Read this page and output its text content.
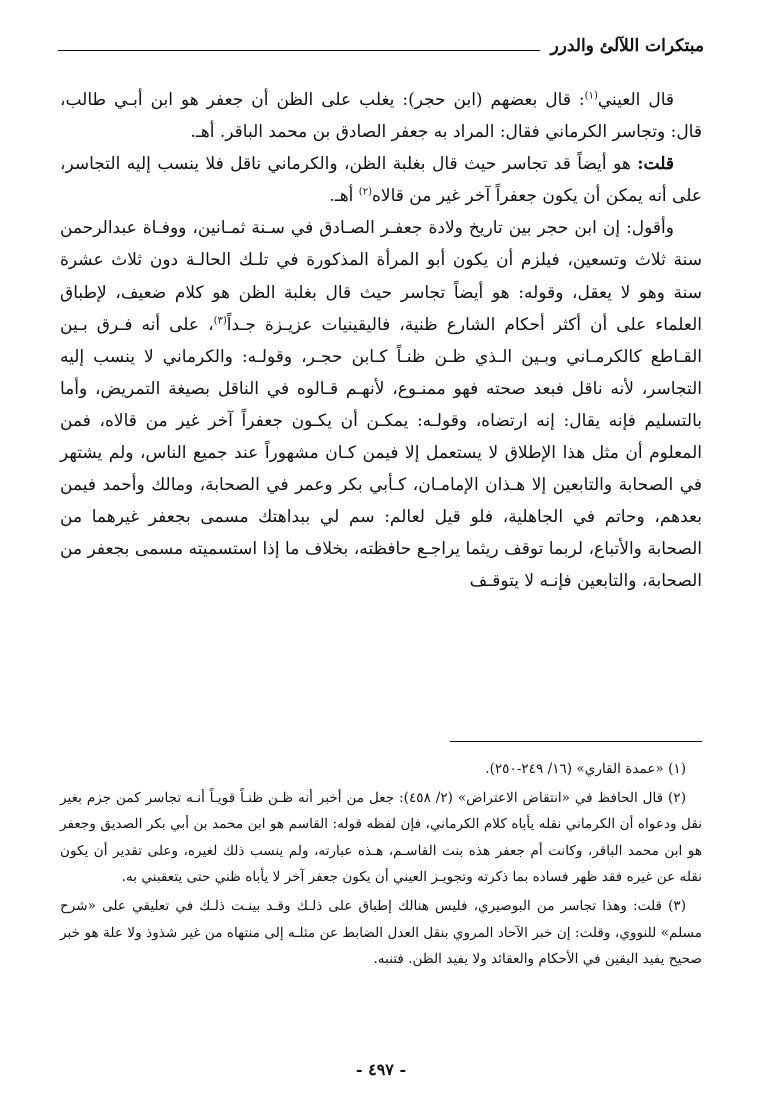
مبتكرات اللآلئ والدرر

قال العيني$^{(١)}$: قال بعضهم (ابن حجر): يغلب على الظن أن جعفر هو ابن أبـي طالب، قال: وتجاسر الكرماني فقال: المراد به جعفر الصادق بن محمد الباقر. أهـ.

قلت: هو أيضاً قد تجاسر حيث قال بغلبة الظن، والكرماني ناقل فلا ينسب إليه التجاسر، على أنه يمكن أن يكون جعفراً آخر غير من قالاه$^{(٢)}$ أهـ.

وأقول: إن ابن حجر بين تاريخ ولادة جعفـر الصـادق في سـنة ثمـانين، ووفـاة عبدالرحمن سنة ثلاث وتسعين، فيلزم أن يكون أبو المرأة المذكورة في تلـك الحالـة دون ثلاث عشرة سنة وهو لا يعقل، وقوله: هو أيضاً تجاسر حيث قال بغلبة الظن هو كلام ضعيف، لإطباق العلماء على أن أكثر أحكام الشارع ظنية، فاليقينيات عزيـزة جـداً$^{(٣)}$، على أنه فـرق بـين القـاطع كالكرمـاني وبـين الـذي ظـن ظنـاً كـابن حجـر، وقولـه: والكرماني لا ينسب إليه التجاسر، لأنه ناقل فبعد صحته فهو ممنـوع، لأنهـم قـالوه في الناقل بصيغة التمريض، وأما بالتسليم فإنه يقال: إنه ارتضاه، وقولـه: يمكـن أن يكـون جعفراً آخر غير من قالاه، فمن المعلوم أن مثل هذا الإطلاق لا يستعمل إلا فيمن كـان مشهوراً عند جميع الناس، ولم يشتهر في الصحابة والتابعين إلا هـذان الإمامـان، كـأبي بكر وعمر في الصحابة، ومالك وأحمد فيمن بعدهم، وحاتم في الجاهلية، فلو قيل لعالم: سم لي ببداهتك مسمى بجعفر غيرهما من الصحابة والأتباع، لربما توقف ريثما يراجـع حافظته، بخلاف ما إذا استسميته مسمى بجعفر من الصحابة، والتابعين فإنـه لا يتوقـف

(١) «عمدة القاري» (١٦/ ٢٤٩-٢٥٠).

(٢) قال الحافظ في «انتقاض الاعتراض» (٢/ ٤٥٨): جعل من أخبر أنه ظـن ظنـاً قويـاً أنـه تجاسر كمن جزم بغير نقل ودعواه أن الكرماني نقله يأباه كلام الكرماني، فإن لفظه قوله: القاسم هو ابن محمد بن أبي بكر الصديق وجعفر هو ابن محمد الباقر، وكانت أم جعفر هذه بنت القاسـم، هـذه عبارته، ولم ينسب ذلك لغيره، وعلى تقدير أن يكون نقله عن غيره فقد ظهر فساده بما ذكرته وتجويـز العيني أن يكون جعفر آخر لا يأباه ظني حتى يتعقبني به.

(٣) قلت: وهذا تجاسر من البوصيري، فليس هنالك إطباق على ذلـك وقـد بينـت ذلـك في تعليقي على «شرح مسلم» للنووي، وقلت: إن خبر الآحاد المروي بنقل العدل الضابط عن مثلـه إلى منتهاه من غير شذوذ ولا علة هو خبر صحيح يفيد اليقين في الأحكام والعقائد ولا يفيد الظن. فتنبه.

- ٤٩٧ -
